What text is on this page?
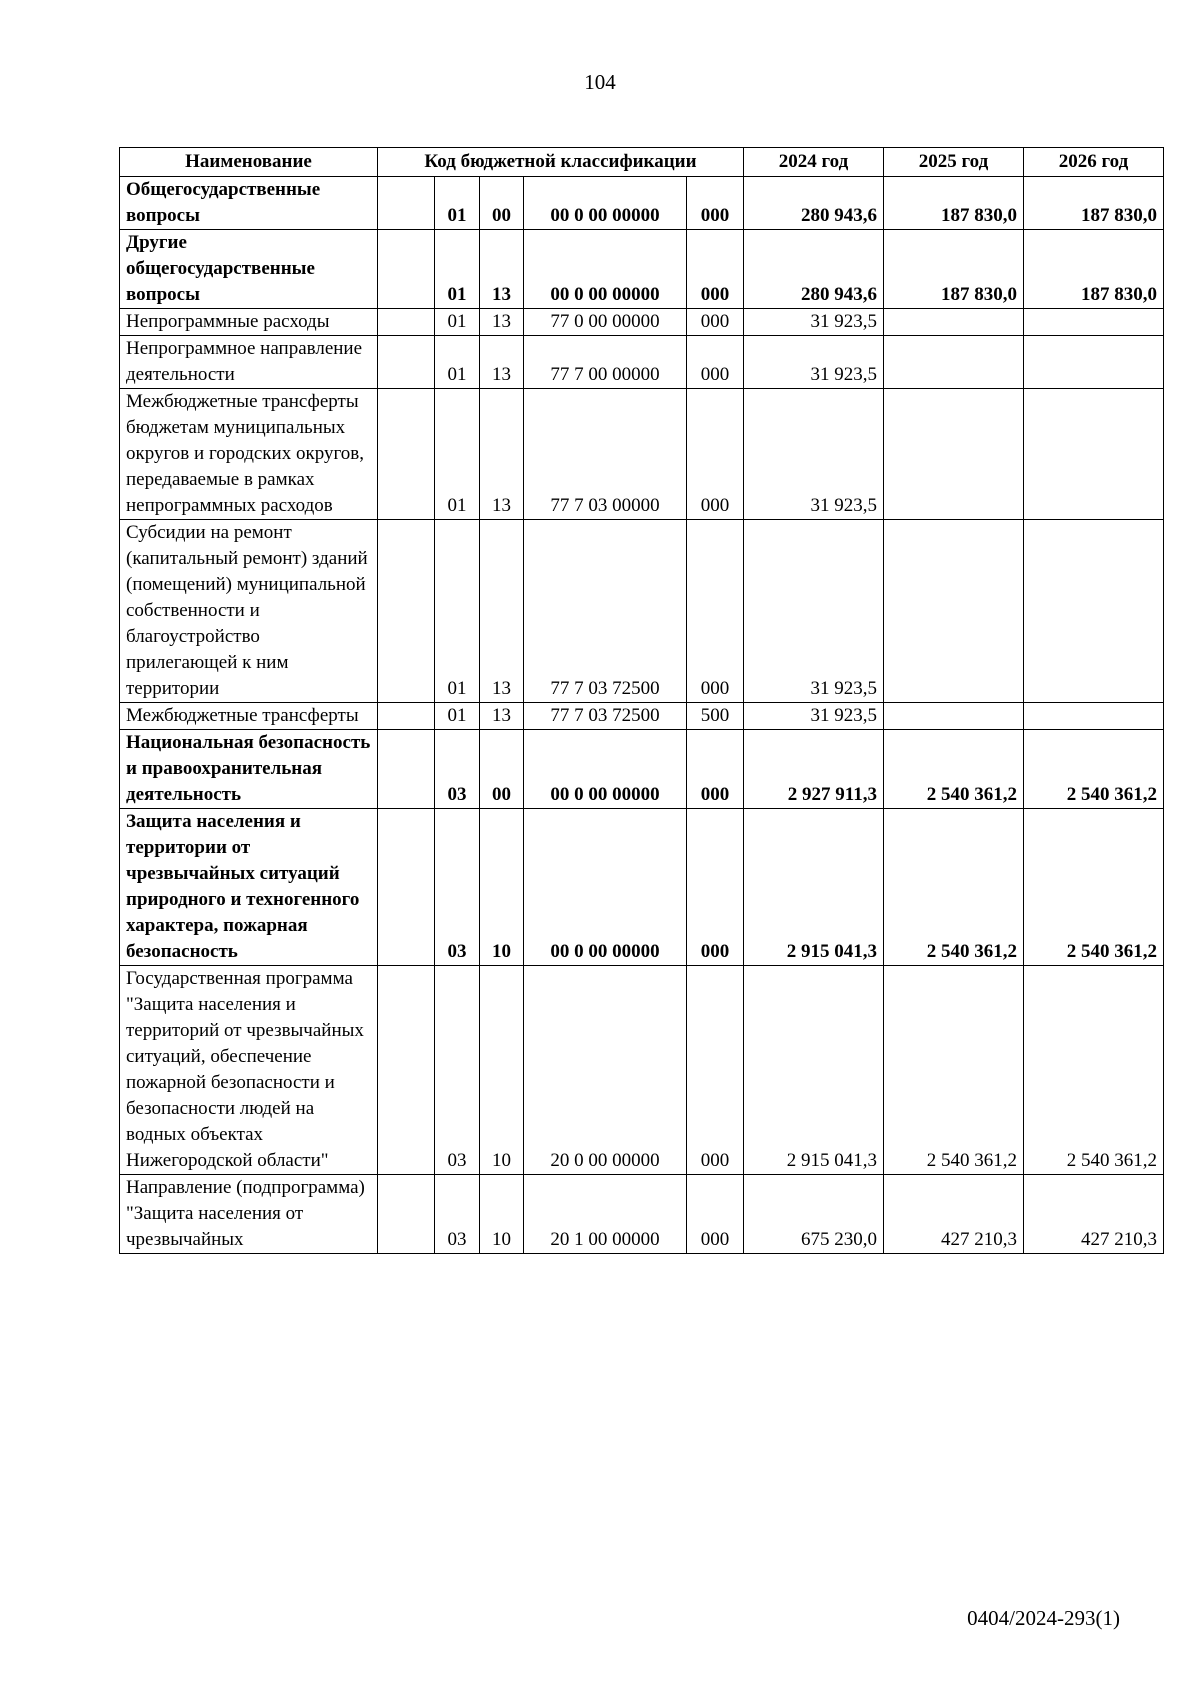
104
Наименование	Код бюджетной классификации					2024 год	2025 год	2026 год
Общегосударственные вопросы		01	00	00 0 00 00000	000	280 943,6	187 830,0	187 830,0
Другие общегосударственные вопросы		01	13	00 0 00 00000	000	280 943,6	187 830,0	187 830,0
Непрограммные расходы		01	13	77 0 00 00000	000	31 923,5		
Непрограммное направление деятельности		01	13	77 7 00 00000	000	31 923,5		
Межбюджетные трансферты бюджетам муниципальных округов и городских округов, передаваемые в рамках непрограммных расходов		01	13	77 7 03 00000	000	31 923,5		
Субсидии на ремонт (капитальный ремонт) зданий (помещений) муниципальной собственности и благоустройство прилегающей к ним территории		01	13	77 7 03 72500	000	31 923,5		
Межбюджетные трансферты		01	13	77 7 03 72500	500	31 923,5		
Национальная безопасность и правоохранительная деятельность		03	00	00 0 00 00000	000	2 927 911,3	2 540 361,2	2 540 361,2
Защита населения и территории от чрезвычайных ситуаций природного и техногенного характера, пожарная безопасность		03	10	00 0 00 00000	000	2 915 041,3	2 540 361,2	2 540 361,2
Государственная программа "Защита населения и территорий от чрезвычайных ситуаций, обеспечение пожарной безопасности и безопасности людей на водных объектах Нижегородской области"		03	10	20 0 00 00000	000	2 915 041,3	2 540 361,2	2 540 361,2
Направление (подпрограмма) "Защита населения от чрезвычайных		03	10	20 1 00 00000	000	675 230,0	427 210,3	427 210,3
0404/2024-293(1)
